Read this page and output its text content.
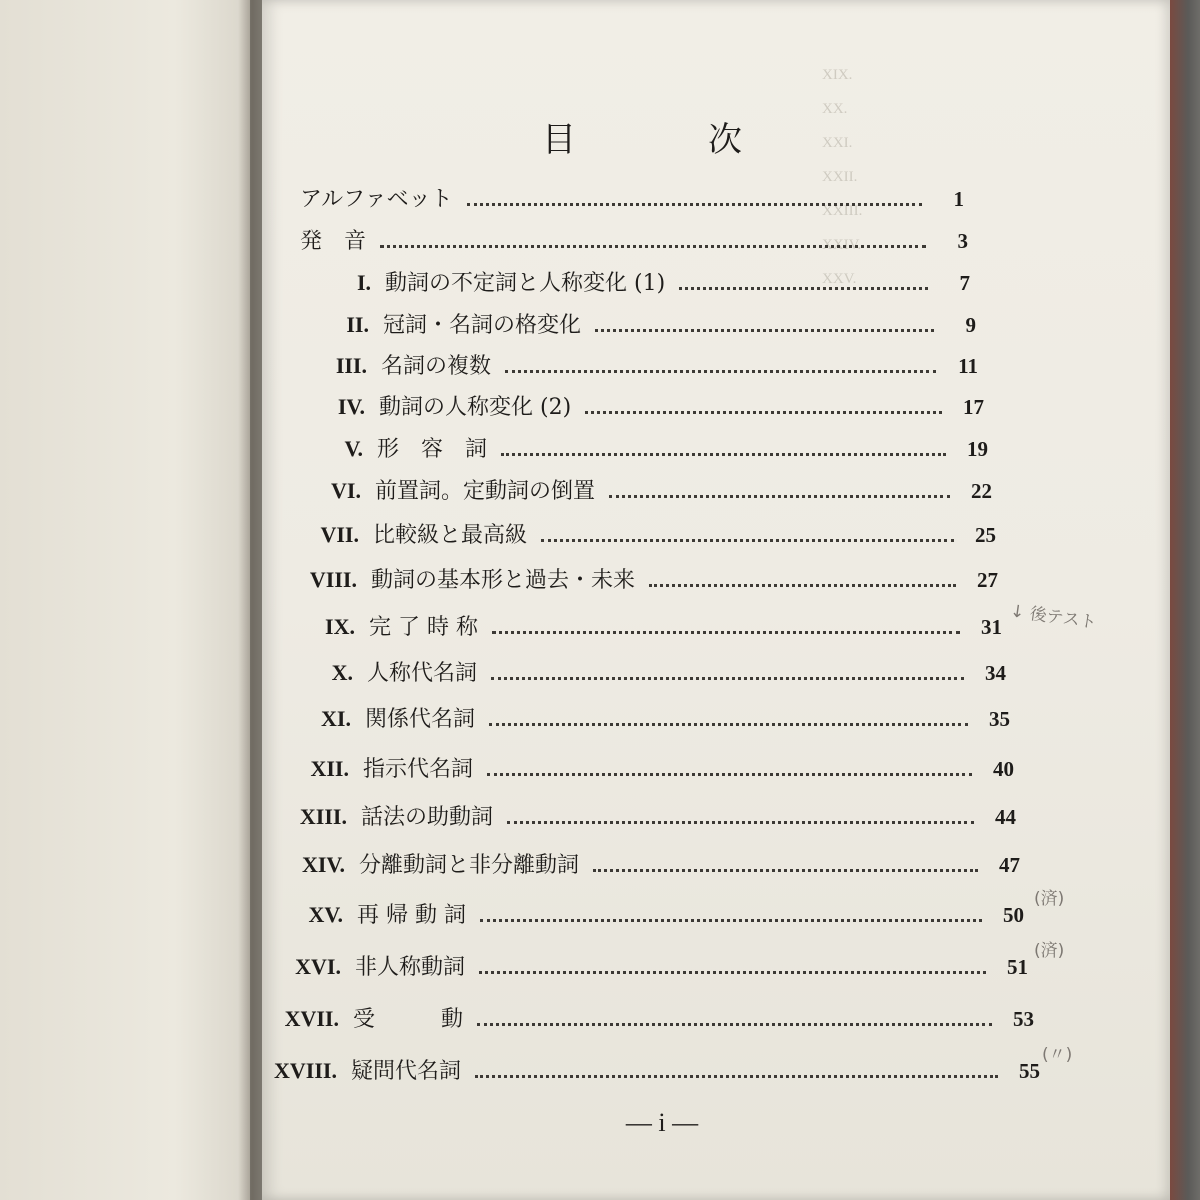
XIX.
XX.
XXI.
XXII.
XXIII.
XXIV.
XXV.
目	次
アルファベット	1
発　音	3
I. 動詞の不定詞と人称変化 (1)	7
II. 冠詞・名詞の格変化	9
III. 名詞の複数	11
IV. 動詞の人称変化 (2)	17
V. 形　容　詞	19
VI. 前置詞。定動詞の倒置	22
VII. 比較級と最高級	25
VIII. 動詞の基本形と過去・未来	27
IX. 完 了 時 称	31
X. 人称代名詞	34
XI. 関係代名詞	35
XII. 指示代名詞	40
XIII. 話法の助動詞	44
XIV. 分離動詞と非分離動詞	47
XV. 再 帰 動 詞	50
XVI. 非人称動詞	51
XVII. 受　　　動	53
XVIII. 疑問代名詞	55
↓ 後テスト
(済)
(済)
(〃)
— i —
